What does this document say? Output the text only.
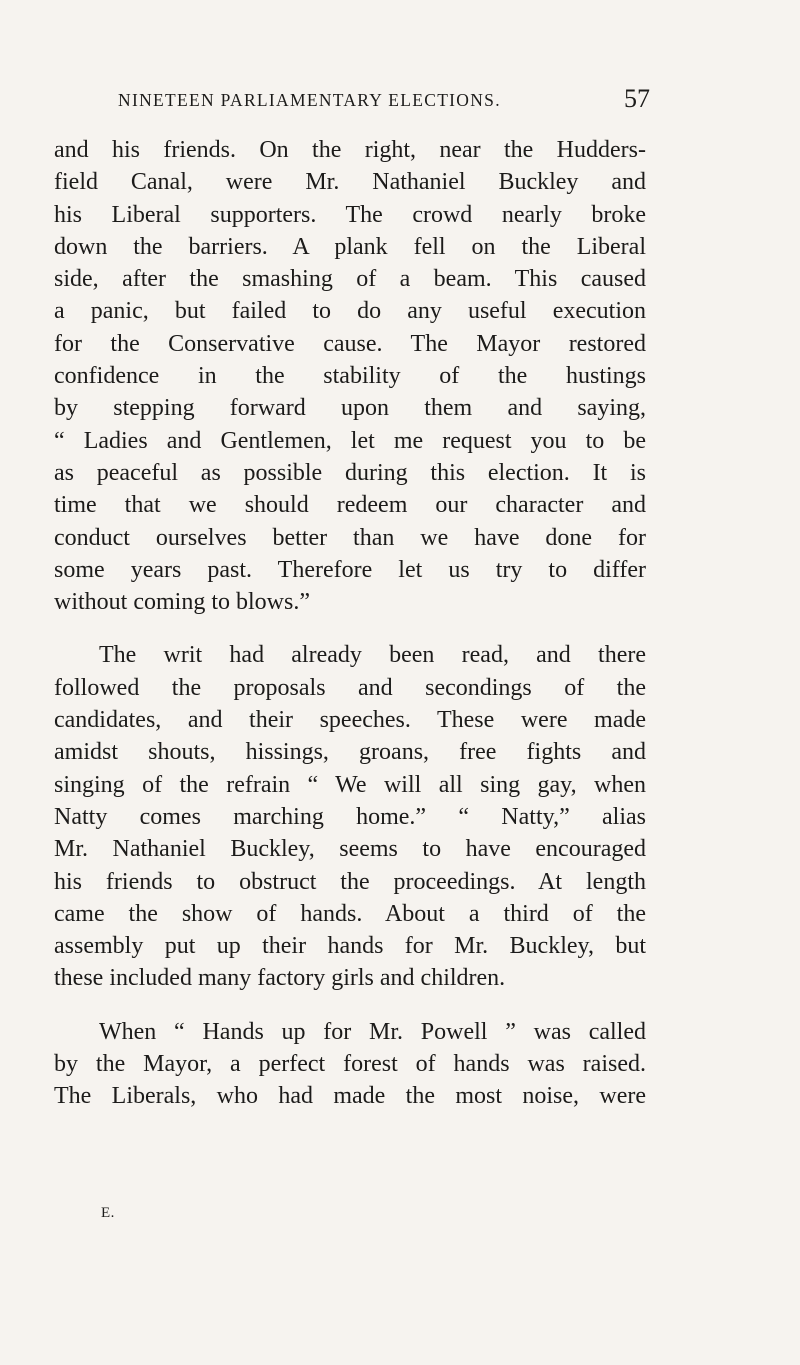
NINETEEN PARLIAMENTARY ELECTIONS.	57

and his friends. On the right, near the Hudders-
field Canal, were Mr. Nathaniel Buckley and
his Liberal supporters. The crowd nearly broke
down the barriers. A plank fell on the Liberal
side, after the smashing of a beam. This caused
a panic, but failed to do any useful execution
for the Conservative cause. The Mayor restored
confidence in the stability of the hustings
by stepping forward upon them and saying,
“ Ladies and Gentlemen, let me request you to be
as peaceful as possible during this election. It is
time that we should redeem our character and
conduct ourselves better than we have done for
some years past. Therefore let us try to differ
without coming to blows.”

The writ had already been read, and there
followed the proposals and secondings of the
candidates, and their speeches. These were made
amidst shouts, hissings, groans, free fights and
singing of the refrain “ We will all sing gay, when
Natty comes marching home.” “ Natty,” alias
Mr. Nathaniel Buckley, seems to have encouraged
his friends to obstruct the proceedings. At length
came the show of hands. About a third of the
assembly put up their hands for Mr. Buckley, but
these included many factory girls and children.

When “ Hands up for Mr. Powell ” was called
by the Mayor, a perfect forest of hands was raised.
The Liberals, who had made the most noise, were

E.
